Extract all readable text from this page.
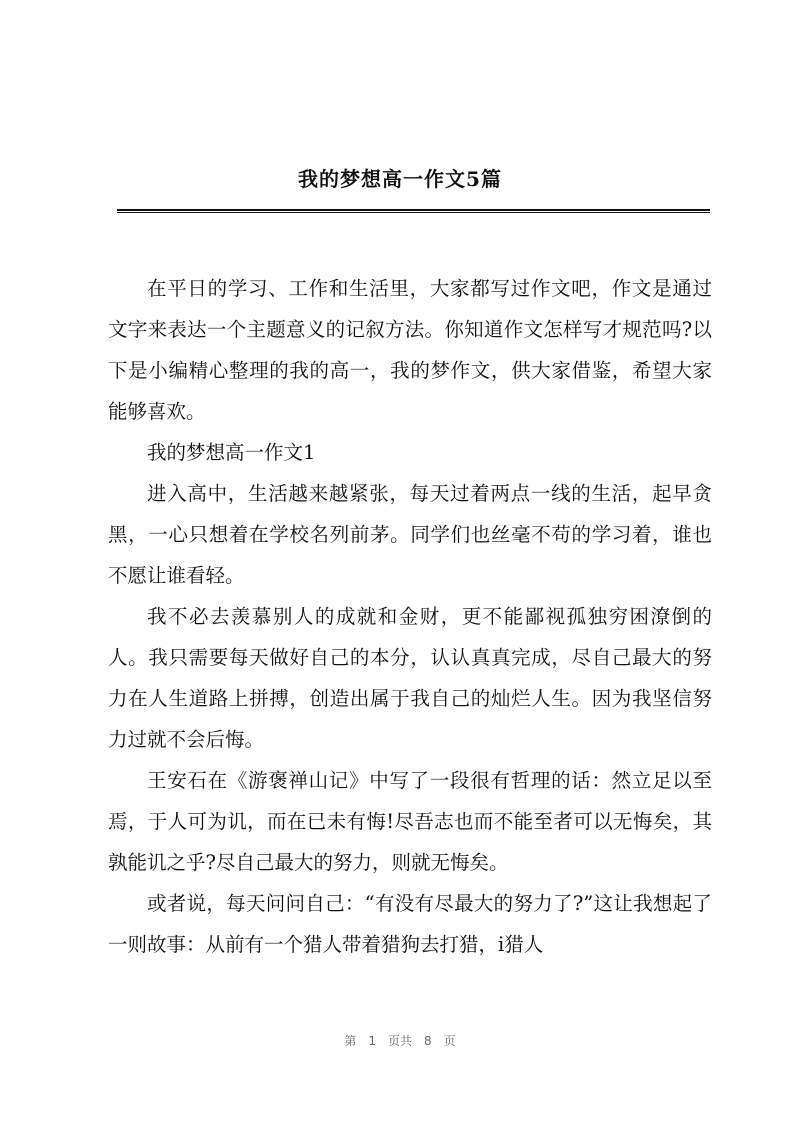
我的梦想高一作文5篇

在平日的学习、工作和生活里，大家都写过作文吧，作文是通过文字来表达一个主题意义的记叙方法。你知道作文怎样写才规范吗?以下是小编精心整理的我的高一，我的梦作文，供大家借鉴，希望大家能够喜欢。

我的梦想高一作文1

进入高中，生活越来越紧张，每天过着两点一线的生活，起早贪黑，一心只想着在学校名列前茅。同学们也丝毫不苟的学习着，谁也不愿让谁看轻。

我不必去羡慕别人的成就和金财，更不能鄙视孤独穷困潦倒的人。我只需要每天做好自己的本分，认认真真完成，尽自己最大的努力在人生道路上拼搏，创造出属于我自己的灿烂人生。因为我坚信努力过就不会后悔。

王安石在《游褒禅山记》中写了一段很有哲理的话：然立足以至焉，于人可为讥，而在已未有悔!尽吾志也而不能至者可以无悔矣，其孰能讥之乎?尽自己最大的努力，则就无悔矣。

或者说，每天问问自己：“有没有尽最大的努力了?”这让我想起了一则故事：从前有一个猎人带着猎狗去打猎，i猎人

第 1 页共 8 页
